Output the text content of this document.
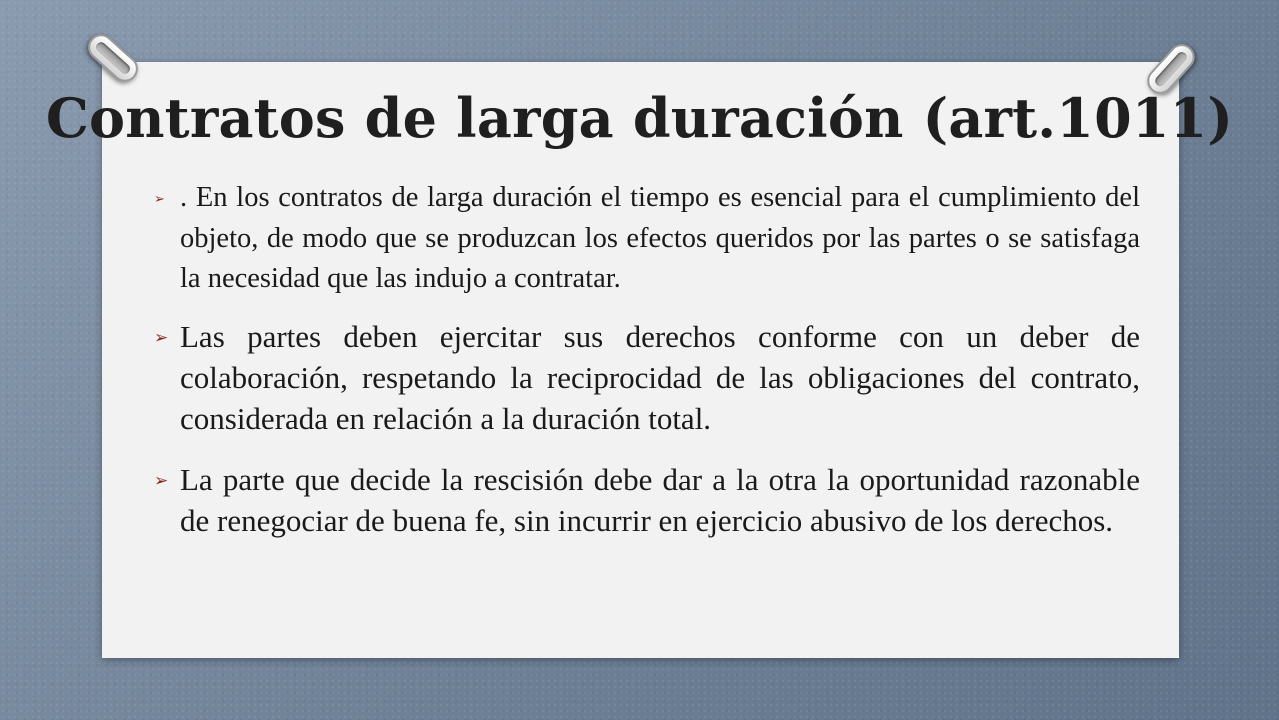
Contratos de larga duración (art.1011)
➢ . En los contratos de larga duración el tiempo es esencial para el cumplimiento del objeto, de modo que se produzcan los efectos queridos por las partes o se satisfaga la necesidad que las indujo a contratar.
➢ Las partes deben ejercitar sus derechos conforme con un deber de colaboración, respetando la reciprocidad de las obligaciones del contrato, considerada en relación a la duración total.
➢ La parte que decide la rescisión debe dar a la otra la oportunidad razonable de renegociar de buena fe, sin incurrir en ejercicio abusivo de los derechos.
